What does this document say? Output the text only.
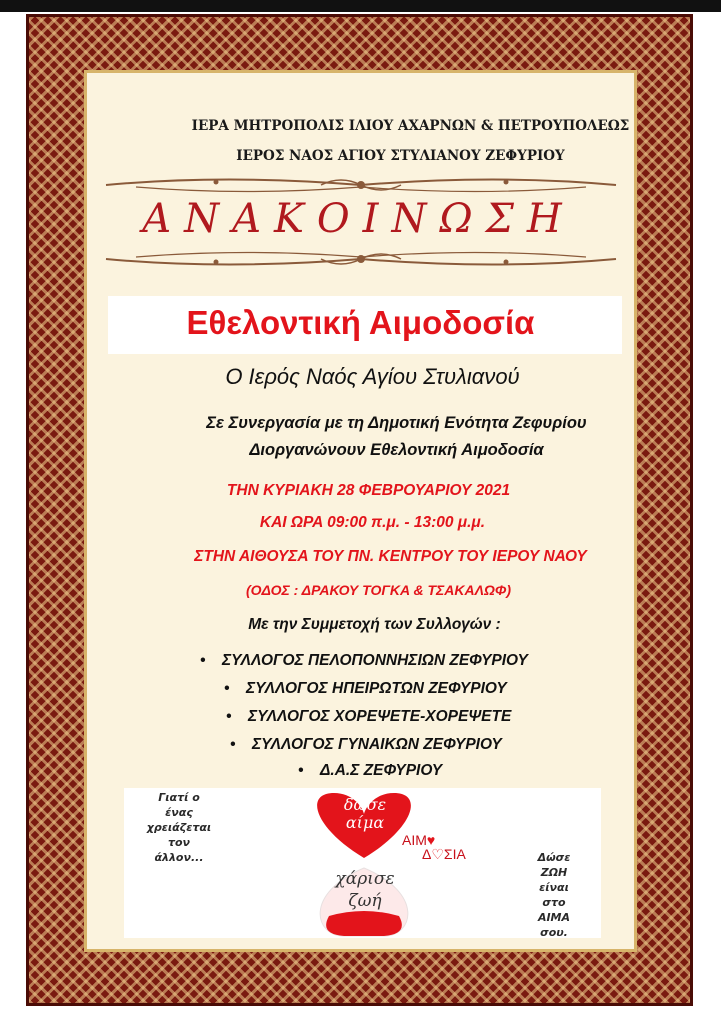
ΙΕΡΑ ΜΗΤΡΟΠΟΛΙΣ ΙΛΙΟΥ ΑΧΑΡΝΩΝ & ΠΕΤΡΟΥΠΟΛΕΩΣ
ΙΕΡΟΣ ΝΑΟΣ ΑΓΙΟΥ ΣΤΥΛΙΑΝΟΥ ΖΕΦΥΡΙΟΥ
ΑΝΑΚΟΙΝΩΣΗ
Εθελοντική Αιμοδοσία
Ο Ιερός Ναός Αγίου Στυλιανού
Σε Συνεργασία με τη Δημοτική Ενότητα Ζεφυρίου
Διοργανώνουν Εθελοντική Αιμοδοσία
ΤΗΝ ΚΥΡΙΑΚΗ 28 ΦΕΒΡΟΥΑΡΙΟΥ 2021
ΚΑΙ ΩΡΑ 09:00 π.μ. - 13:00 μ.μ.
ΣΤΗΝ ΑΙΘΟΥΣΑ ΤΟΥ ΠΝ. ΚΕΝΤΡΟΥ ΤΟΥ ΙΕΡΟΥ ΝΑΟΥ
(ΟΔΟΣ : ΔΡΑΚΟΥ ΤΟΓΚΑ & ΤΣΑΚΑΛΩΦ)
Με την Συμμετοχή των Συλλογών :
• ΣΥΛΛΟΓΟΣ ΠΕΛΟΠΟΝΝΗΣΙΩΝ ΖΕΦΥΡΙΟΥ
• ΣΥΛΛΟΓΟΣ ΗΠΕΙΡΩΤΩΝ ΖΕΦΥΡΙΟΥ
• ΣΥΛΛΟΓΟΣ ΧΟΡΕΨΕΤΕ-ΧΟΡΕΨΕΤΕ
• ΣΥΛΛΟΓΟΣ ΓΥΝΑΙΚΩΝ ΖΕΦΥΡΙΟΥ
• Δ.Α.Σ ΖΕΦΥΡΙΟΥ
Γιατί ο
ένας
χρειάζεται
τον
άλλον...
δώσε
αίμα
χάρισε
ζωή
ΑΙΜ♥
Δ♡ΣΙΑ	Δώσε
ΖΩΗ
είναι
στο
ΑΙΜΑ
σου.
